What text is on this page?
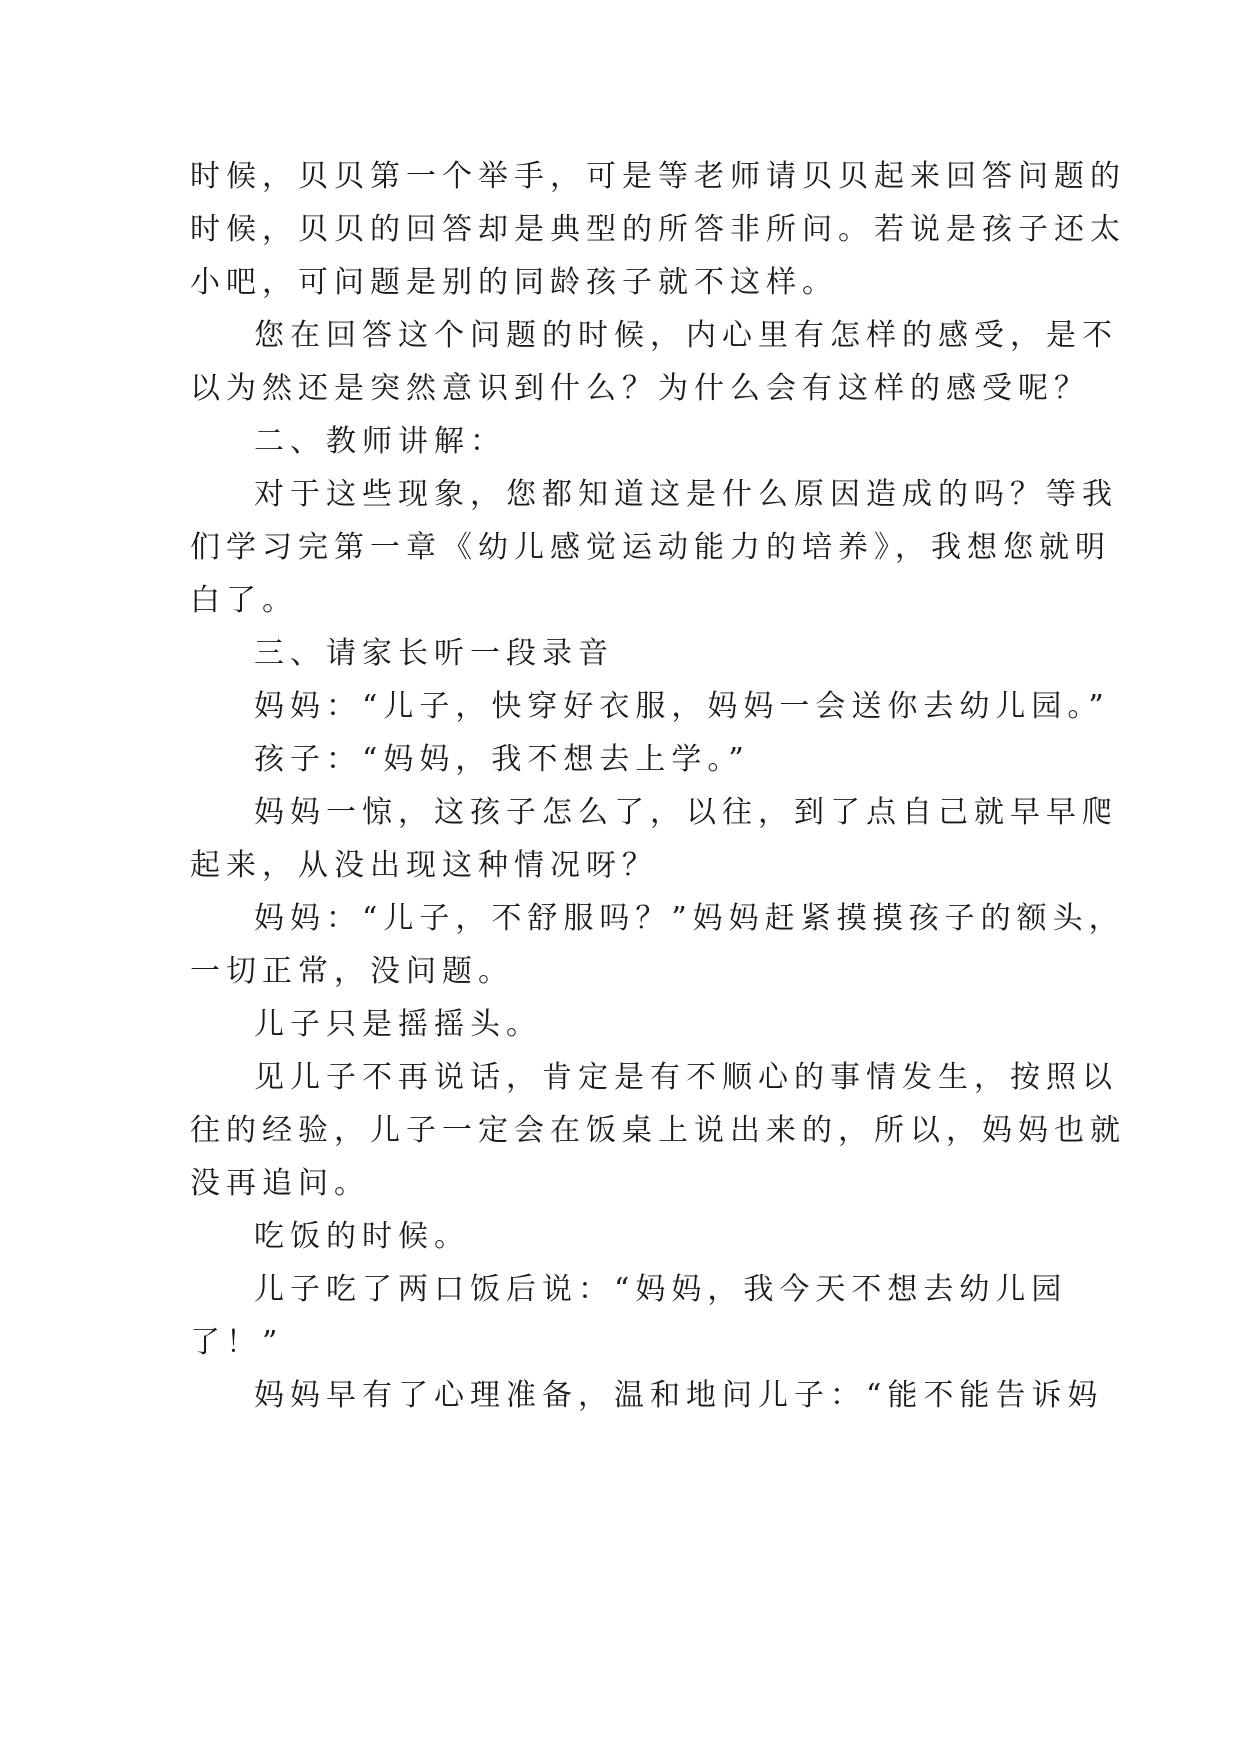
时候，贝贝第一个举手，可是等老师请贝贝起来回答问题的
时候，贝贝的回答却是典型的所答非所问。若说是孩子还太
小吧，可问题是别的同龄孩子就不这样。
您在回答这个问题的时候，内心里有怎样的感受，是不
以为然还是突然意识到什么？为什么会有这样的感受呢？
二、教师讲解：
对于这些现象，您都知道这是什么原因造成的吗？等我
们学习完第一章《幼儿感觉运动能力的培养》，我想您就明
白了。
三、请家长听一段录音
妈妈：“儿子，快穿好衣服，妈妈一会送你去幼儿园。”
孩子：“妈妈，我不想去上学。”
妈妈一惊，这孩子怎么了，以往，到了点自己就早早爬
起来，从没出现这种情况呀？
妈妈：“儿子，不舒服吗？”妈妈赶紧摸摸孩子的额头，
一切正常，没问题。
儿子只是摇摇头。
见儿子不再说话，肯定是有不顺心的事情发生，按照以
往的经验，儿子一定会在饭桌上说出来的，所以，妈妈也就
没再追问。
吃饭的时候。
儿子吃了两口饭后说：“妈妈，我今天不想去幼儿园
了！”
妈妈早有了心理准备，温和地问儿子：“能不能告诉妈
